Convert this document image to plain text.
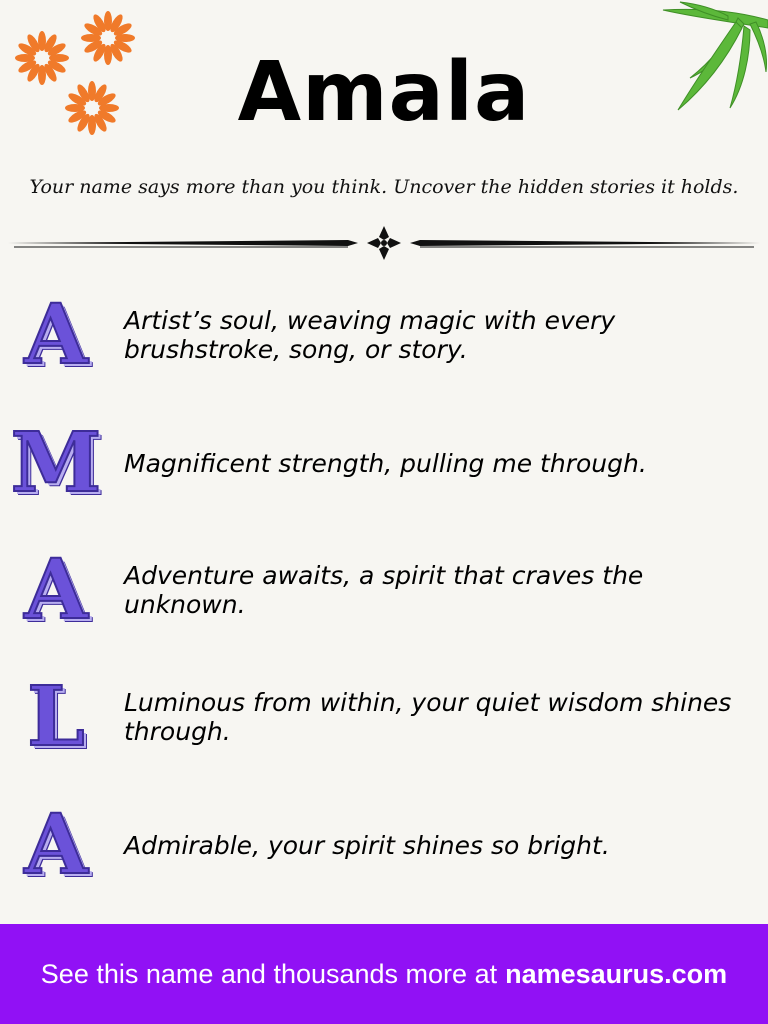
Amala
Your name says more than you think. Uncover the hidden stories it holds.
A	Artist’s soul, weaving magic with every brushstroke, song, or story.
M Magnificent strength, pulling me through.
A	Adventure awaits, a spirit that craves the unknown.
L	Luminous from within, your quiet wisdom shines through.
A	Admirable, your spirit shines so bright.
See this name and thousands more at namesaurus.com
